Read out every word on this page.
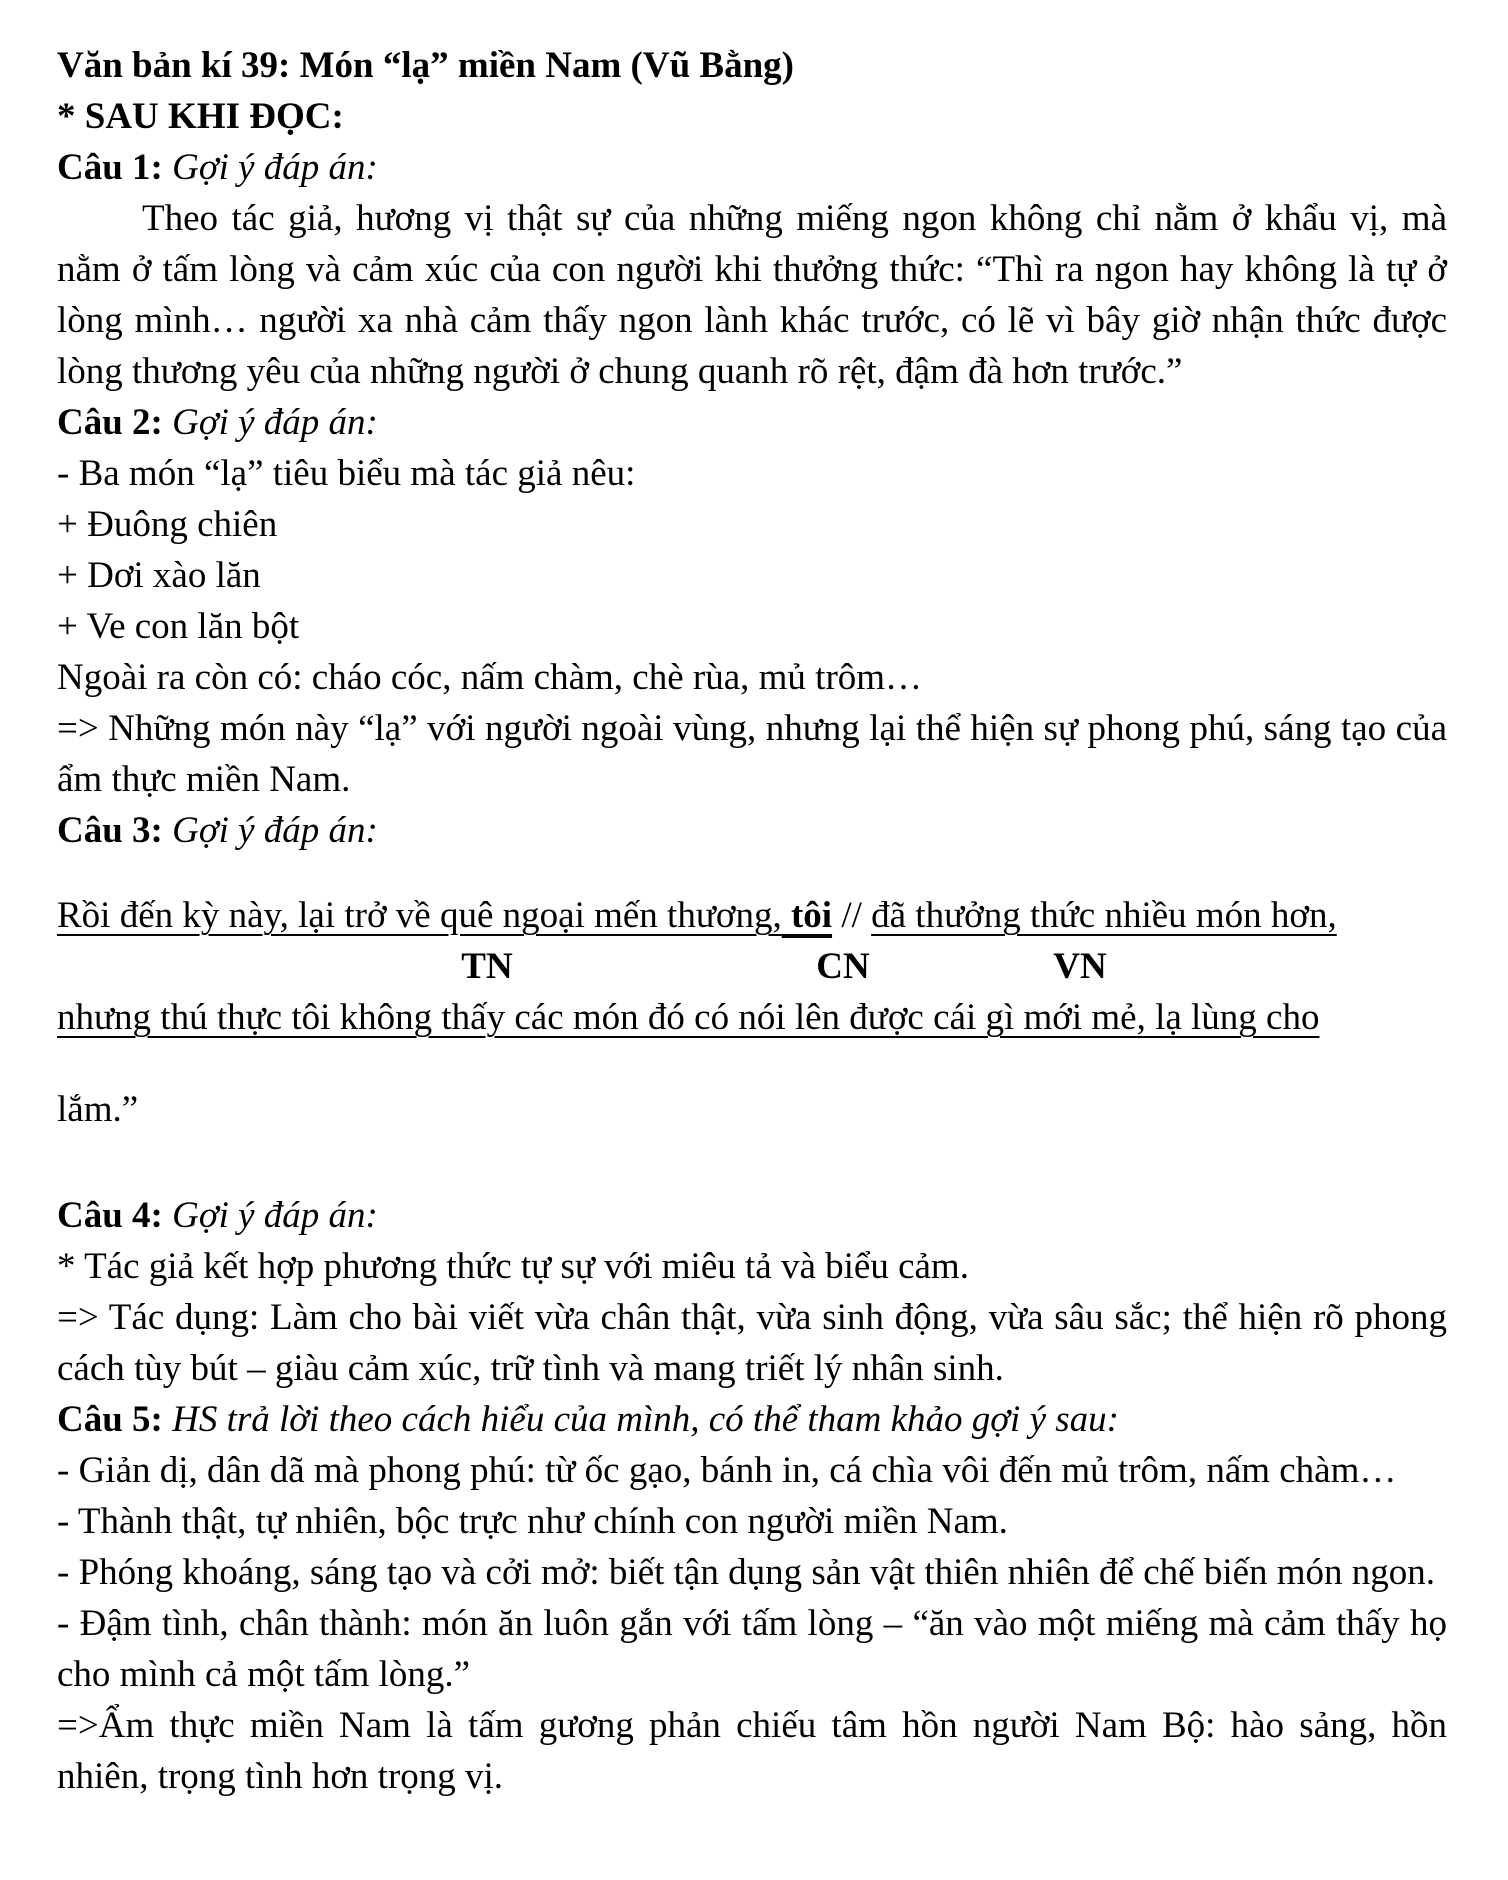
Văn bản kí 39: Món “lạ” miền Nam (Vũ Bằng)

* SAU KHI ĐỌC:

Câu 1: Gợi ý đáp án:

Theo tác giả, hương vị thật sự của những miếng ngon không chỉ nằm ở khẩu vị, mà nằm ở tấm lòng và cảm xúc của con người khi thưởng thức: “Thì ra ngon hay không là tự ở lòng mình… người xa nhà cảm thấy ngon lành khác trước, có lẽ vì bây giờ nhận thức được lòng thương yêu của những người ở chung quanh rõ rệt, đậm đà hơn trước.”

Câu 2: Gợi ý đáp án:

- Ba món “lạ” tiêu biểu mà tác giả nêu:

+ Đuông chiên

+ Dơi xào lăn

+ Ve con lăn bột

Ngoài ra còn có: cháo cóc, nấm chàm, chè rùa, mủ trôm…

=> Những món này “lạ” với người ngoài vùng, nhưng lại thể hiện sự phong phú, sáng tạo của ẩm thực miền Nam.

Câu 3: Gợi ý đáp án:

Rồi đến kỳ này, lại trở về quê ngoại mến thương, tôi // đã thưởng thức nhiều món hơn,

TN	CN	VN

nhưng thú thực tôi không thấy các món đó có nói lên được cái gì mới mẻ, lạ lùng cho

lắm.”

Câu 4: Gợi ý đáp án:

* Tác giả kết hợp phương thức tự sự với miêu tả và biểu cảm.

=> Tác dụng: Làm cho bài viết vừa chân thật, vừa sinh động, vừa sâu sắc; thể hiện rõ phong cách tùy bút – giàu cảm xúc, trữ tình và mang triết lý nhân sinh.

Câu 5: HS trả lời theo cách hiểu của mình, có thể tham khảo gợi ý sau:

- Giản dị, dân dã mà phong phú: từ ốc gạo, bánh in, cá chìa vôi đến mủ trôm, nấm chàm…

- Thành thật, tự nhiên, bộc trực như chính con người miền Nam.

- Phóng khoáng, sáng tạo và cởi mở: biết tận dụng sản vật thiên nhiên để chế biến món ngon.

- Đậm tình, chân thành: món ăn luôn gắn với tấm lòng – “ăn vào một miếng mà cảm thấy họ cho mình cả một tấm lòng.”

=>Ẩm thực miền Nam là tấm gương phản chiếu tâm hồn người Nam Bộ: hào sảng, hồn nhiên, trọng tình hơn trọng vị.
